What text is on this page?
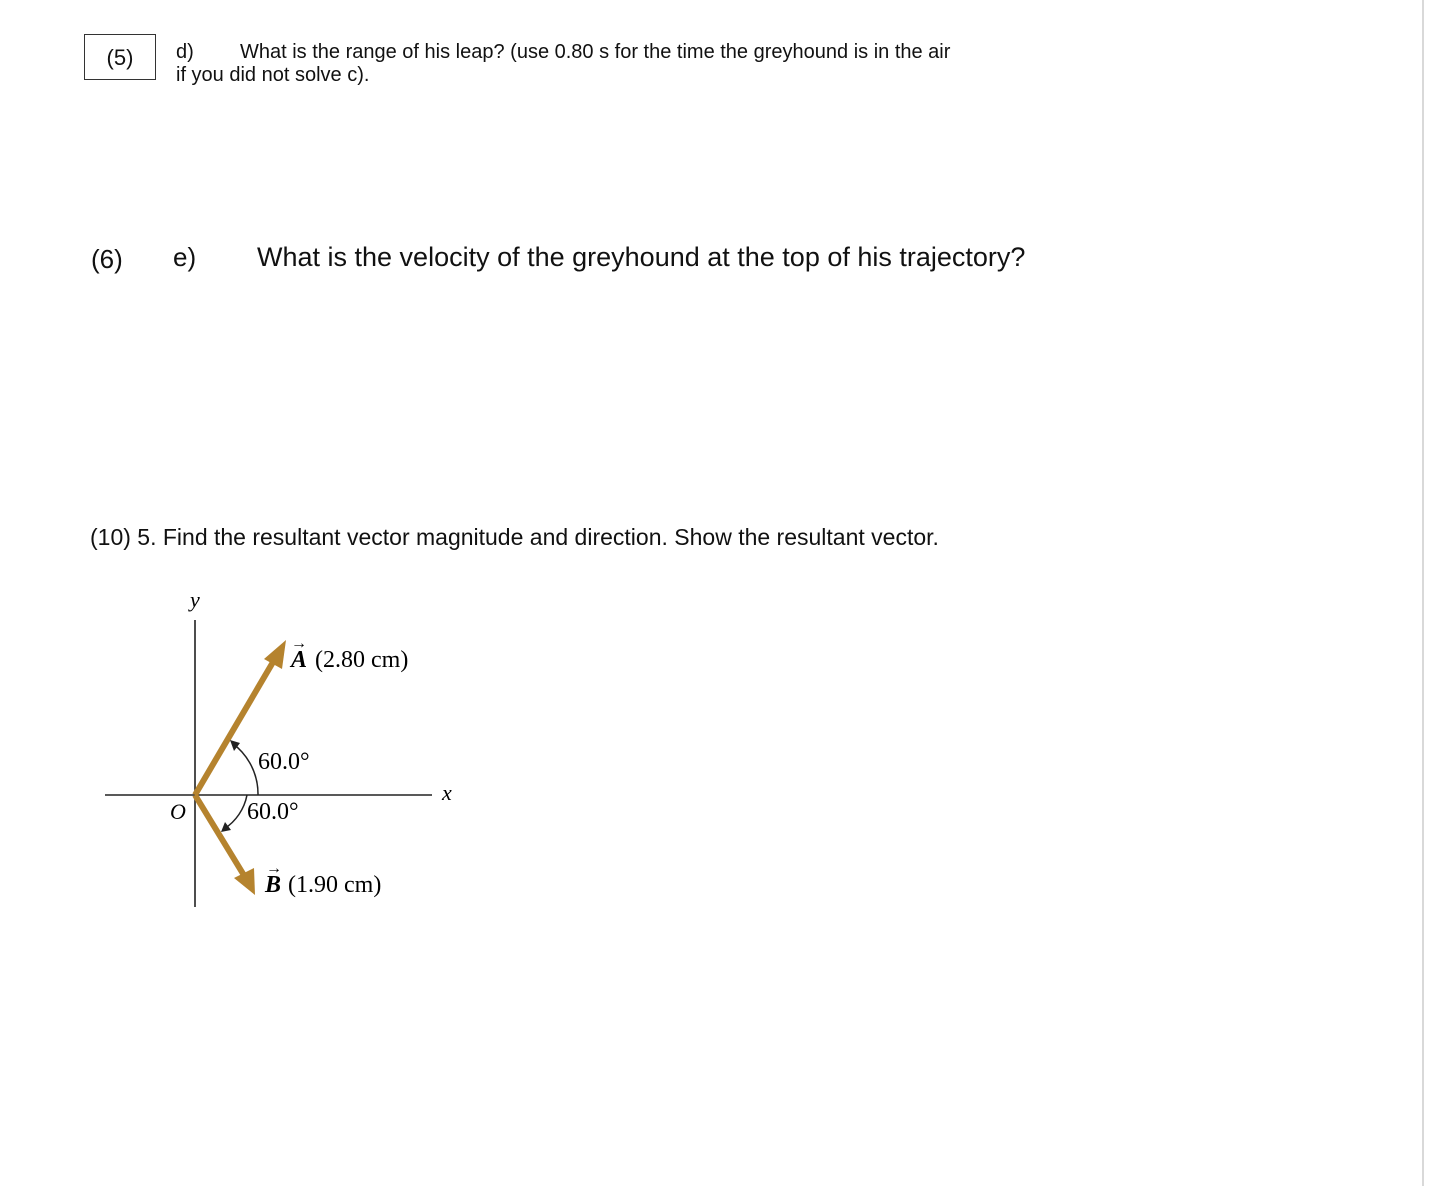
(5)	d) What is the range of his leap? (use 0.80 s for the time the greyhound is in the air
if you did not solve c).
(6) e) What is the velocity of the greyhound at the top of his trajectory?
(10) 5. Find the resultant vector magnitude and direction. Show the resultant vector.
y
x
O
→
A (2.80 cm)
60.0°
60.0°
→
B (1.90 cm)
